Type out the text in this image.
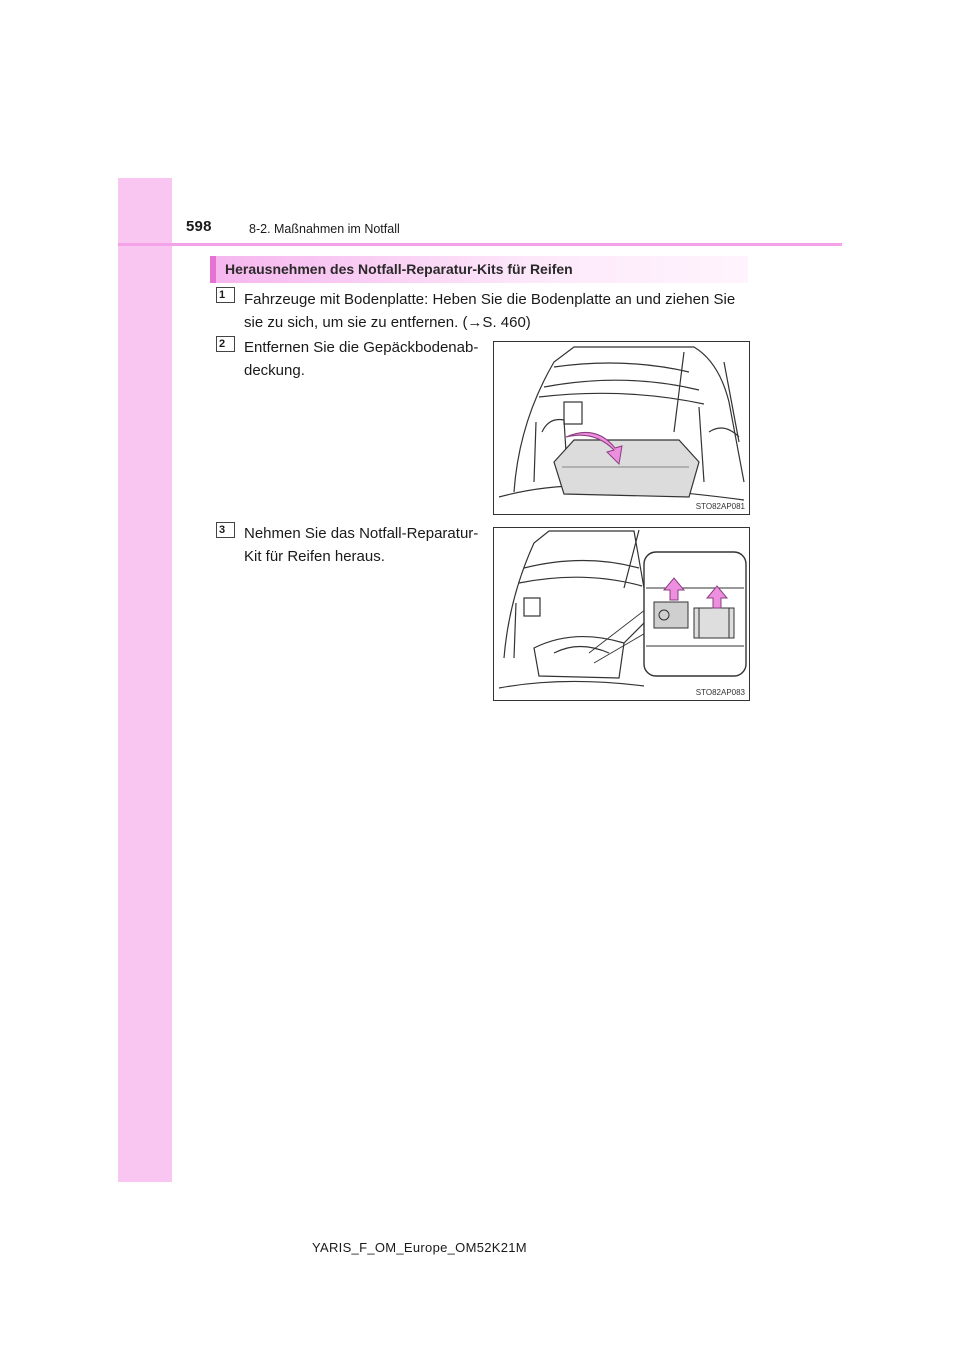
598	8-2. Maßnahmen im Notfall
Herausnehmen des Notfall-Reparatur-Kits für Reifen
1	Fahrzeuge mit Bodenplatte: Heben Sie die Bodenplatte an und ziehen Sie
sie zu sich, um sie zu entfernen. (→S. 460)
2	Entfernen Sie die Gepäckbodenab-
deckung.
STO82AP081
3	Nehmen Sie das Notfall-Reparatur-
Kit für Reifen heraus.
STO82AP083
YARIS_F_OM_Europe_OM52K21M
